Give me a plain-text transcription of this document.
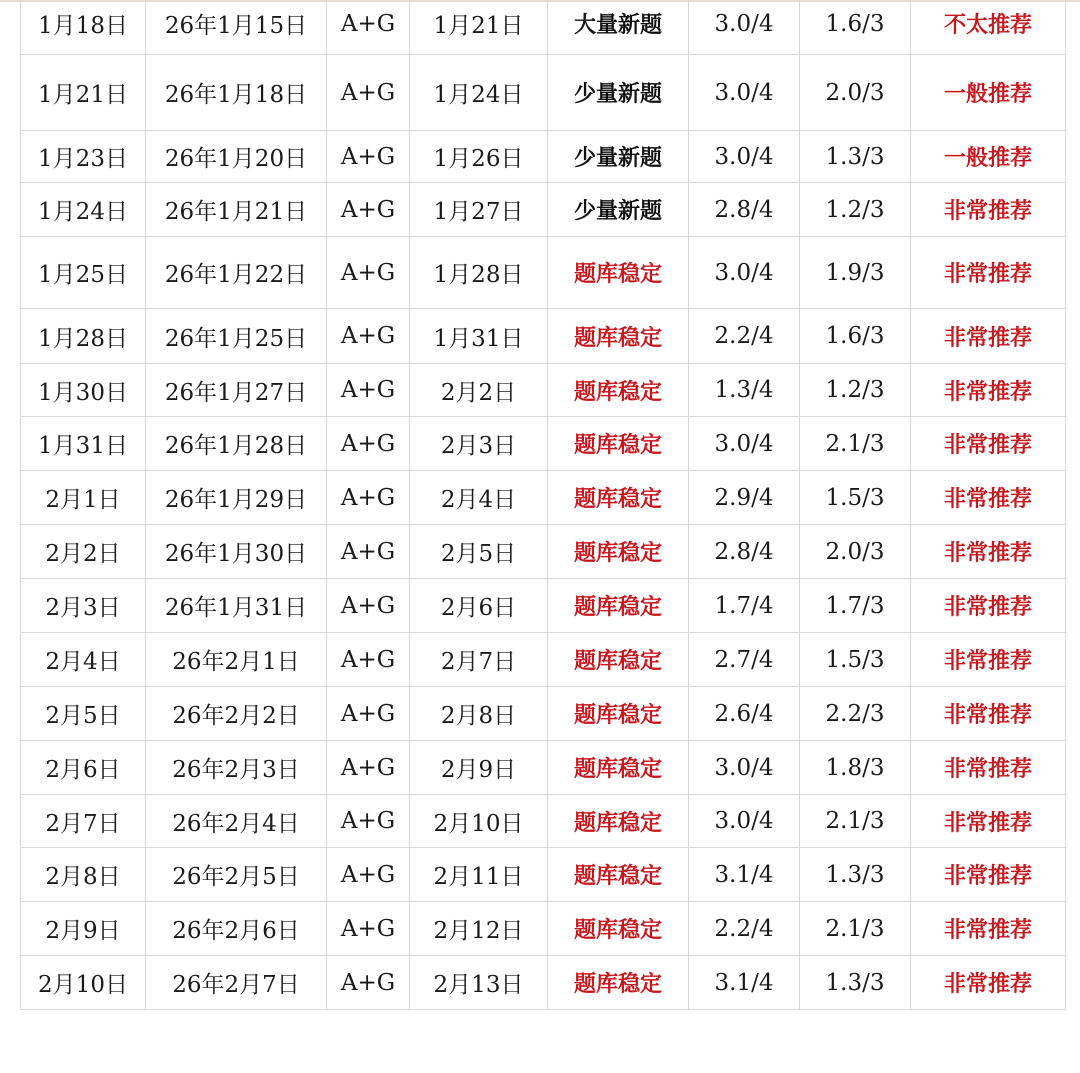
1月18日	26年1月15日	A+G	1月21日	大量新题	3.0/4	1.6/3	不太推荐
1月21日	26年1月18日	A+G	1月24日	少量新题	3.0/4	2.0/3	一般推荐
1月23日	26年1月20日	A+G	1月26日	少量新题	3.0/4	1.3/3	一般推荐
1月24日	26年1月21日	A+G	1月27日	少量新题	2.8/4	1.2/3	非常推荐
1月25日	26年1月22日	A+G	1月28日	题库稳定	3.0/4	1.9/3	非常推荐
1月28日	26年1月25日	A+G	1月31日	题库稳定	2.2/4	1.6/3	非常推荐
1月30日	26年1月27日	A+G	2月2日	题库稳定	1.3/4	1.2/3	非常推荐
1月31日	26年1月28日	A+G	2月3日	题库稳定	3.0/4	2.1/3	非常推荐
2月1日	26年1月29日	A+G	2月4日	题库稳定	2.9/4	1.5/3	非常推荐
2月2日	26年1月30日	A+G	2月5日	题库稳定	2.8/4	2.0/3	非常推荐
2月3日	26年1月31日	A+G	2月6日	题库稳定	1.7/4	1.7/3	非常推荐
2月4日	26年2月1日	A+G	2月7日	题库稳定	2.7/4	1.5/3	非常推荐
2月5日	26年2月2日	A+G	2月8日	题库稳定	2.6/4	2.2/3	非常推荐
2月6日	26年2月3日	A+G	2月9日	题库稳定	3.0/4	1.8/3	非常推荐
2月7日	26年2月4日	A+G	2月10日	题库稳定	3.0/4	2.1/3	非常推荐
2月8日	26年2月5日	A+G	2月11日	题库稳定	3.1/4	1.3/3	非常推荐
2月9日	26年2月6日	A+G	2月12日	题库稳定	2.2/4	2.1/3	非常推荐
2月10日	26年2月7日	A+G	2月13日	题库稳定	3.1/4	1.3/3	非常推荐
